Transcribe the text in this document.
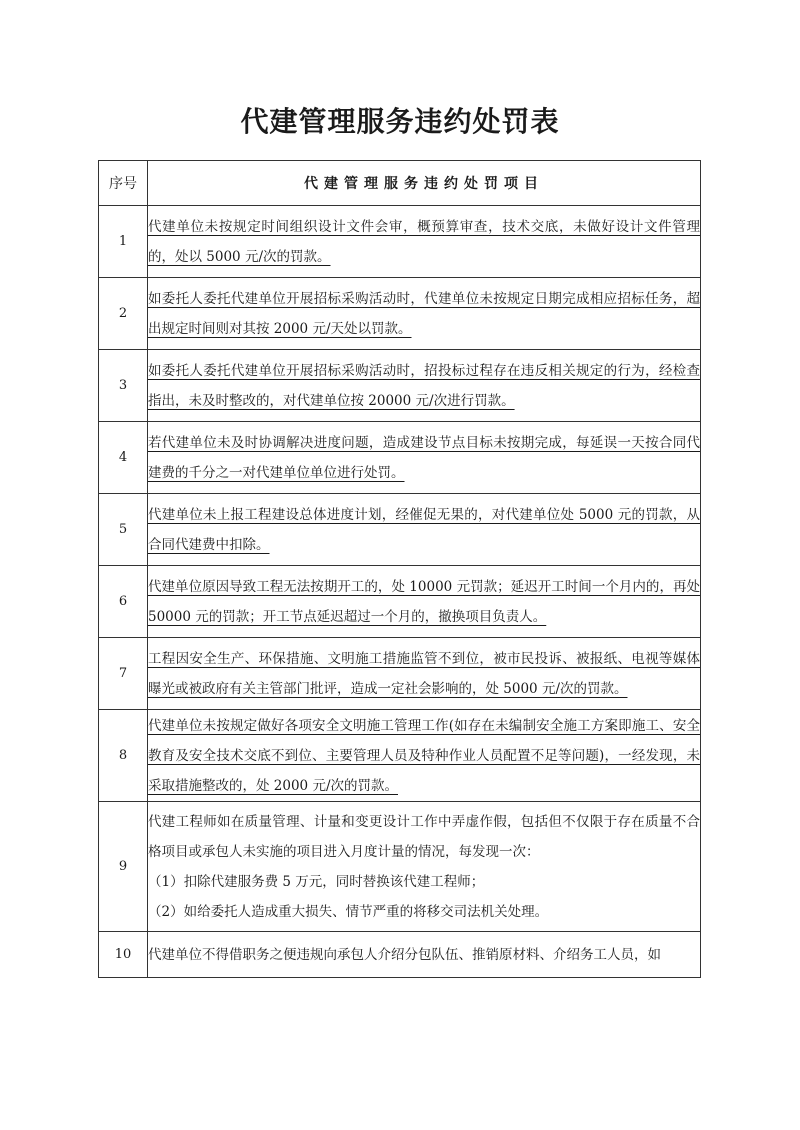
代建管理服务违约处罚表
序号	代建管理服务违约处罚项目
1	代建单位未按规定时间组织设计文件会审，概预算审查，技术交底，未做好设计文件管理的，处以 5000 元/次的罚款。
2	如委托人委托代建单位开展招标采购活动时，代建单位未按规定日期完成相应招标任务，超出规定时间则对其按 2000 元/天处以罚款。
3	如委托人委托代建单位开展招标采购活动时，招投标过程存在违反相关规定的行为，经检查指出，未及时整改的，对代建单位按 20000 元/次进行罚款。
4	若代建单位未及时协调解决进度问题，造成建设节点目标未按期完成，每延误一天按合同代建费的千分之一对代建单位单位进行处罚。
5	代建单位未上报工程建设总体进度计划，经催促无果的，对代建单位处 5000 元的罚款，从合同代建费中扣除。
6	代建单位原因导致工程无法按期开工的，处 10000 元罚款；延迟开工时间一个月内的，再处 50000 元的罚款；开工节点延迟超过一个月的，撤换项目负责人。
7	工程因安全生产、环保措施、文明施工措施监管不到位，被市民投诉、被报纸、电视等媒体曝光或被政府有关主管部门批评，造成一定社会影响的，处 5000 元/次的罚款。
8	代建单位未按规定做好各项安全文明施工管理工作(如存在未编制安全施工方案即施工、安全教育及安全技术交底不到位、主要管理人员及特种作业人员配置不足等问题)，一经发现，未采取措施整改的，处 2000 元/次的罚款。
9	代建工程师如在质量管理、计量和变更设计工作中弄虚作假，包括但不仅限于存在质量不合格项目或承包人未实施的项目进入月度计量的情况，每发现一次：

（1）扣除代建服务费 5 万元，同时替换该代建工程师；

（2）如给委托人造成重大损失、情节严重的将移交司法机关处理。

10	代建单位不得借职务之便违规向承包人介绍分包队伍、推销原材料、介绍务工人员，如
